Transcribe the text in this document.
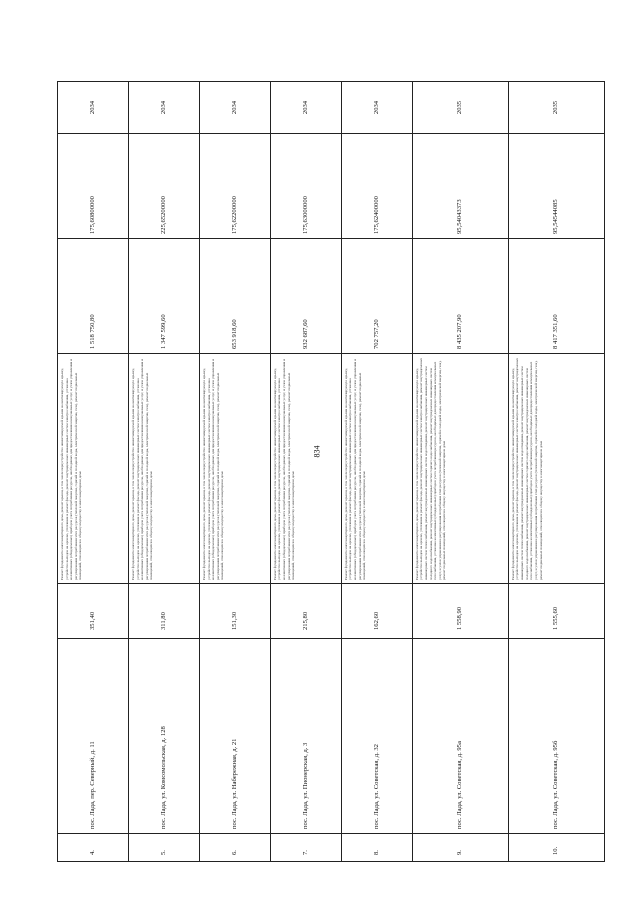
834
4.	пос. Лада, пер. Северный, д. 11	351,40	Ремонт фундамента многоквартирного дома, ремонт крыши, в том числе переустройство невентилируемой крыши на вентилируемую крышу, устройство выходов на кровлю, утепление и ремонт фасада, ремонт внутридомовых инженерных систем электроснабжения, установка коллективных (общедомовых) приборов учета потребления ресурсов, необходимых для предоставления коммунальных услуг, и узлов управления и регулирования потребления этих ресурсов (тепловой энергии, горячей и холодной воды, электрической энергии, газа), ремонт подвальных помещений, относящихся к общему имуществу в многоквартирном доме	1 518 750,80	175,60800000	2034
5.	пос. Лада, ул. Комсомольская, д. 128	311,80	Ремонт фундамента многоквартирного дома, ремонт крыши, в том числе переустройство невентилируемой крыши на вентилируемую крышу, устройство выходов на кровлю, утепление и ремонт фасада, ремонт внутридомовых инженерных систем электроснабжения, установка коллективных (общедомовых) приборов учета потребления ресурсов, необходимых для предоставления коммунальных услуг, и узлов управления и регулирования потребления этих ресурсов (тепловой энергии, горячей и холодной воды, электрической энергии, газа), ремонт подвальных помещений, относящихся к общему имуществу в многоквартирном доме	1 347 599,60	225,65200000	2034
6.	пос. Лада, ул. Набережная, д. 21	151,30	Ремонт фундамента многоквартирного дома, ремонт крыши, в том числе переустройство невентилируемой крыши на вентилируемую крышу, устройство выходов на кровлю, утепление и ремонт фасада, ремонт внутридомовых инженерных систем электроснабжения, установка коллективных (общедомовых) приборов учета потребления ресурсов, необходимых для предоставления коммунальных услуг, и узлов управления и регулирования потребления этих ресурсов (тепловой энергии, горячей и холодной воды, электрической энергии, газа), ремонт подвальных помещений, относящихся к общему имуществу в многоквартирном доме	653 918,60	175,62200000	2034
7.	пос. Лада, ул. Пионерская, д. 3	215,80	Ремонт фундамента многоквартирного дома, ремонт крыши, в том числе переустройство невентилируемой крыши на вентилируемую крышу, устройство выходов на кровлю, утепление и ремонт фасада, ремонт внутридомовых инженерных систем электроснабжения, установка коллективных (общедомовых) приборов учета потребления ресурсов, необходимых для предоставления коммунальных услуг, и узлов управления и регулирования потребления этих ресурсов (тепловой энергии, горячей и холодной воды, электрической энергии, газа), ремонт подвальных помещений, относящихся к общему имуществу в многоквартирном доме	932 687,60	175,63000000	2034
8.	пос. Лада, ул. Советская, д. 32	162,60	Ремонт фундамента многоквартирного дома, ремонт крыши, в том числе переустройство невентилируемой крыши на вентилируемую крышу, устройство выходов на кровлю, утепление и ремонт фасада, ремонт внутридомовых инженерных систем электроснабжения, установка коллективных (общедомовых) приборов учета потребления ресурсов, необходимых для предоставления коммунальных услуг, и узлов управления и регулирования потребления этих ресурсов (тепловой энергии, горячей и холодной воды, электрической энергии, газа), ремонт подвальных помещений, относящихся к общему имуществу в многоквартирном доме	702 757,20	175,62400000	2034
9.	пос. Лада, ул. Советская, д. 95а	1 558,90	Ремонт фундамента многоквартирного дома, ремонт крыши, в том числе переустройство невентилируемой крыши на вентилируемую крышу, устройство выходов на кровлю, утепление и ремонт фасада, ремонт внутридомовых инженерных систем электроснабжения, ремонт внутридомовых инженерных систем теплоснабжения, ремонт внутридомовых инженерных систем водоотведения, ремонт внутридомовых инженерных систем холодного водоснабжения, ремонт внутридомовых инженерных систем горячего водоснабжения, ремонт внутридомовых инженерных систем газоснабжения, установка коллективных (общедомовых) приборов учета потребления ресурсов, необходимых для предоставления коммунальных услуг, и узлов управления и регулирования потребления этих ресурсов (тепловой энергии, горячей и холодной воды, электрической энергии, газа), ремонт подвальных помещений, относящихся к общему имуществу в многоквартирном доме	8 435 207,90	95,54043373	2035
10.	пос. Лада, ул. Советская, д. 95б	1 555,60	Ремонт фундамента многоквартирного дома, ремонт крыши, в том числе переустройство невентилируемой крыши на вентилируемую крышу, устройство выходов на кровлю, утепление и ремонт фасада, ремонт внутридомовых инженерных систем электроснабжения, ремонт внутридомовых инженерных систем теплоснабжения, ремонт внутридомовых инженерных систем водоотведения, ремонт внутридомовых инженерных систем холодного водоснабжения, ремонт внутридомовых инженерных систем горячего водоснабжения, ремонт внутридомовых инженерных систем газоснабжения, установка коллективных (общедомовых) приборов учета потребления ресурсов, необходимых для предоставления коммунальных услуг, и узлов управления и регулирования потребления этих ресурсов (тепловой энергии, горячей и холодной воды, электрической энергии, газа), ремонт подвальных помещений, относящихся к общему имуществу в многоквартирном доме	8 417 351,60	95,54544085	2035
